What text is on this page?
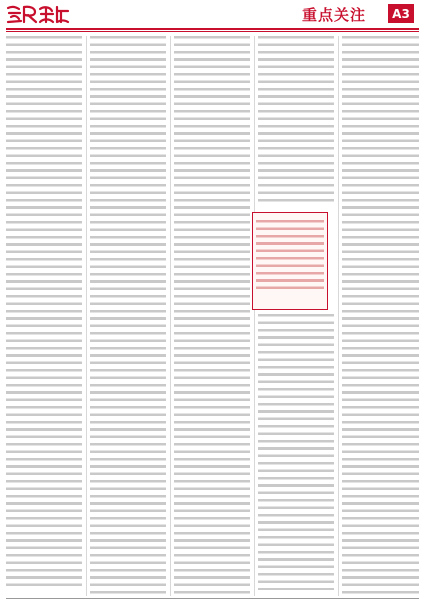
重点关注	A3
